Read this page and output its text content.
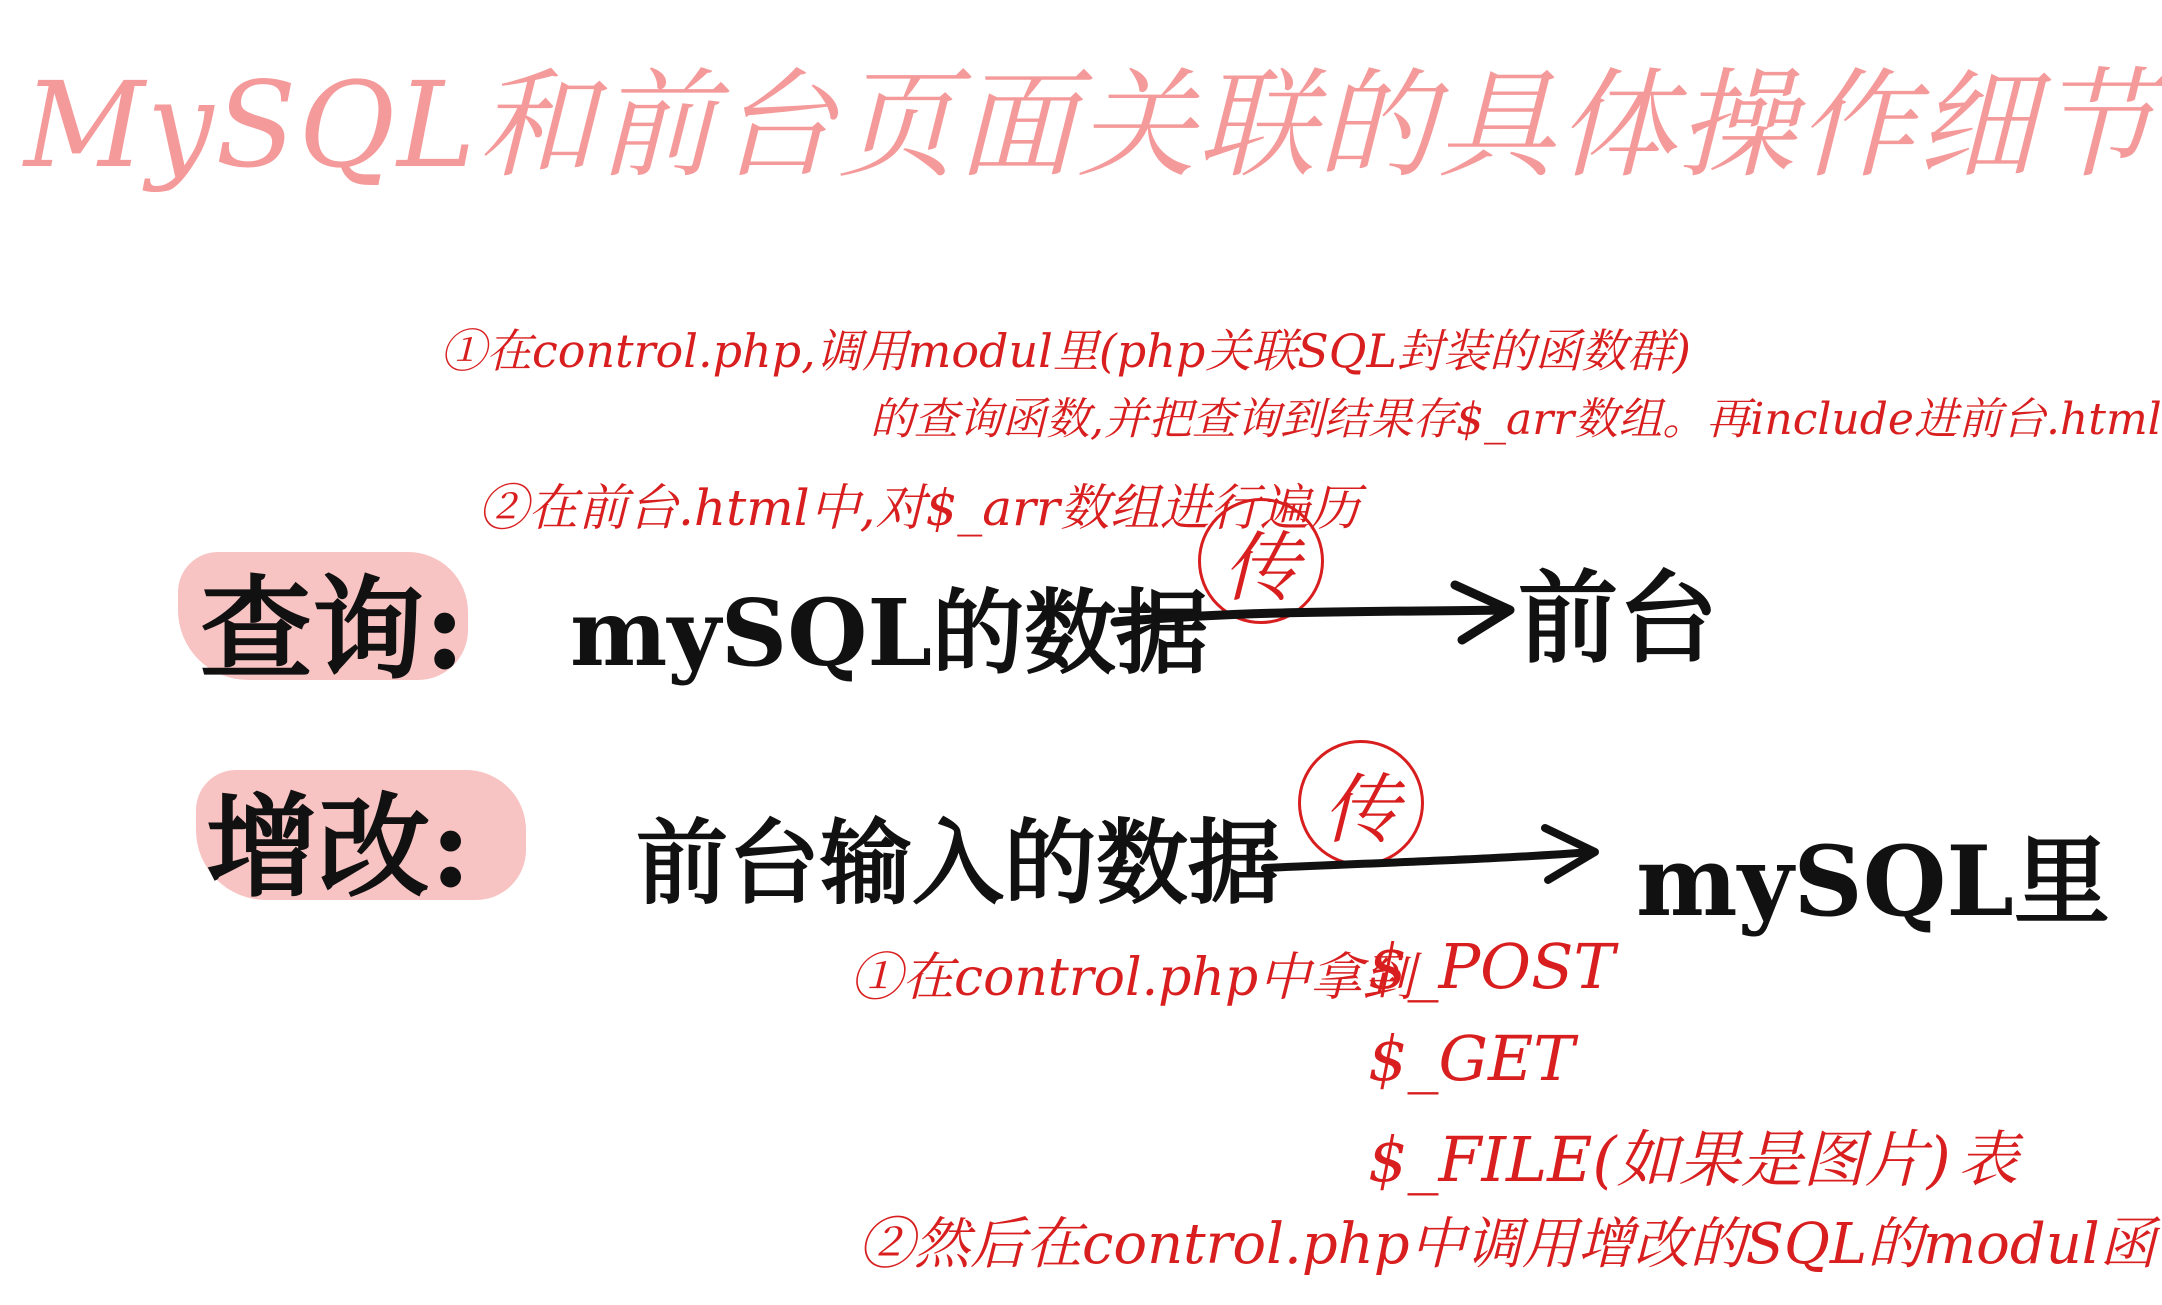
MySQL和前台页面关联的具体操作细节
①在control.php,调用modul里(php关联SQL封装的函数群)
的查询函数,并把查询到结果存$_arr数组。再include进前台.html
②在前台.html中,对$_arr数组进行遍历
查询: mySQL的数据
传 前台
增改: 前台输入的数据 传
mySQL里
①在control.php中拿到
$_POST
$_GET
$_FILE(如果是图片) 表
②然后在control.php中调用增改的SQL的modul函
